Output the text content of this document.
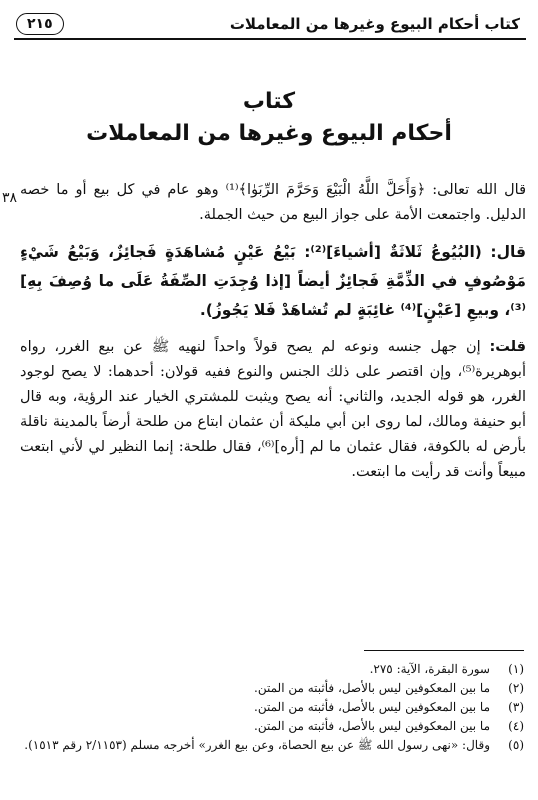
كتاب أحكام البيوع وغيرها من المعاملات
٢١٥
كتاب
أحكام البيوع وغيرها من المعاملات
٣٨ قال الله تعالى: ﴿وَأَحَلَّ اللَّهُ الْبَيْعَ وَحَرَّمَ الرِّبَوٰا﴾⁽¹⁾ وهو عام في كل بيع أو ما خصه الدليل. واجتمعت الأمة على جواز البيع من حيث الجملة.

قال: (البُيُوعُ ثَلاثَةٌ [أشياءَ]⁽²⁾: بَيْعُ عَيْنٍ مُشاهَدَةٍ فَجائِزٌ، وَبَيْعُ شَيْءٍ مَوْصُوفٍ في الذِّمَّةِ فَجائِزٌ أيضاً [إذا وُجِدَتِ الصِّفَةُ عَلَى ما وُصِفَ بِهِ]⁽³⁾، وبيعِ [عَيْنٍ]⁽⁴⁾ غائِبَةٍ لم تُشاهَدْ فَلا يَجُوزُ).

قلت: إن جهل جنسه ونوعه لم يصح قولاً واحداً لنهيه ﷺ عن بيع الغرر، رواه أبوهريرة⁽⁵⁾، وإن اقتصر على ذلك الجنس والنوع ففيه قولان: أحدهما: لا يصح لوجود الغرر، هو قوله الجديد، والثاني: أنه يصح ويثبت للمشتري الخيار عند الرؤية، وبه قال أبو حنيفة ومالك، لما روى ابن أبي مليكة أن عثمان ابتاع من طلحة أرضاً بالمدينة ناقلة بأرض له بالكوفة، فقال عثمان ما لم [أره]⁽⁶⁾، فقال طلحة: إنما النظير لي لأني ابتعت مبيعاً وأنت قد رأيت ما ابتعت.

(١)
سورة البقرة، الآية: ٢٧٥.
(٢)
ما بين المعكوفين ليس بالأصل، فأثبته من المتن.
(٣)
ما بين المعكوفين ليس بالأصل، فأثبته من المتن.
(٤)
ما بين المعكوفين ليس بالأصل، فأثبته من المتن.
(٥)
وقال: «نهى رسول الله ﷺ عن بيع الحصاة، وعن بيع الغرر» أخرجه مسلم (٢/١١٥٣ رقم ١٥١٣).
